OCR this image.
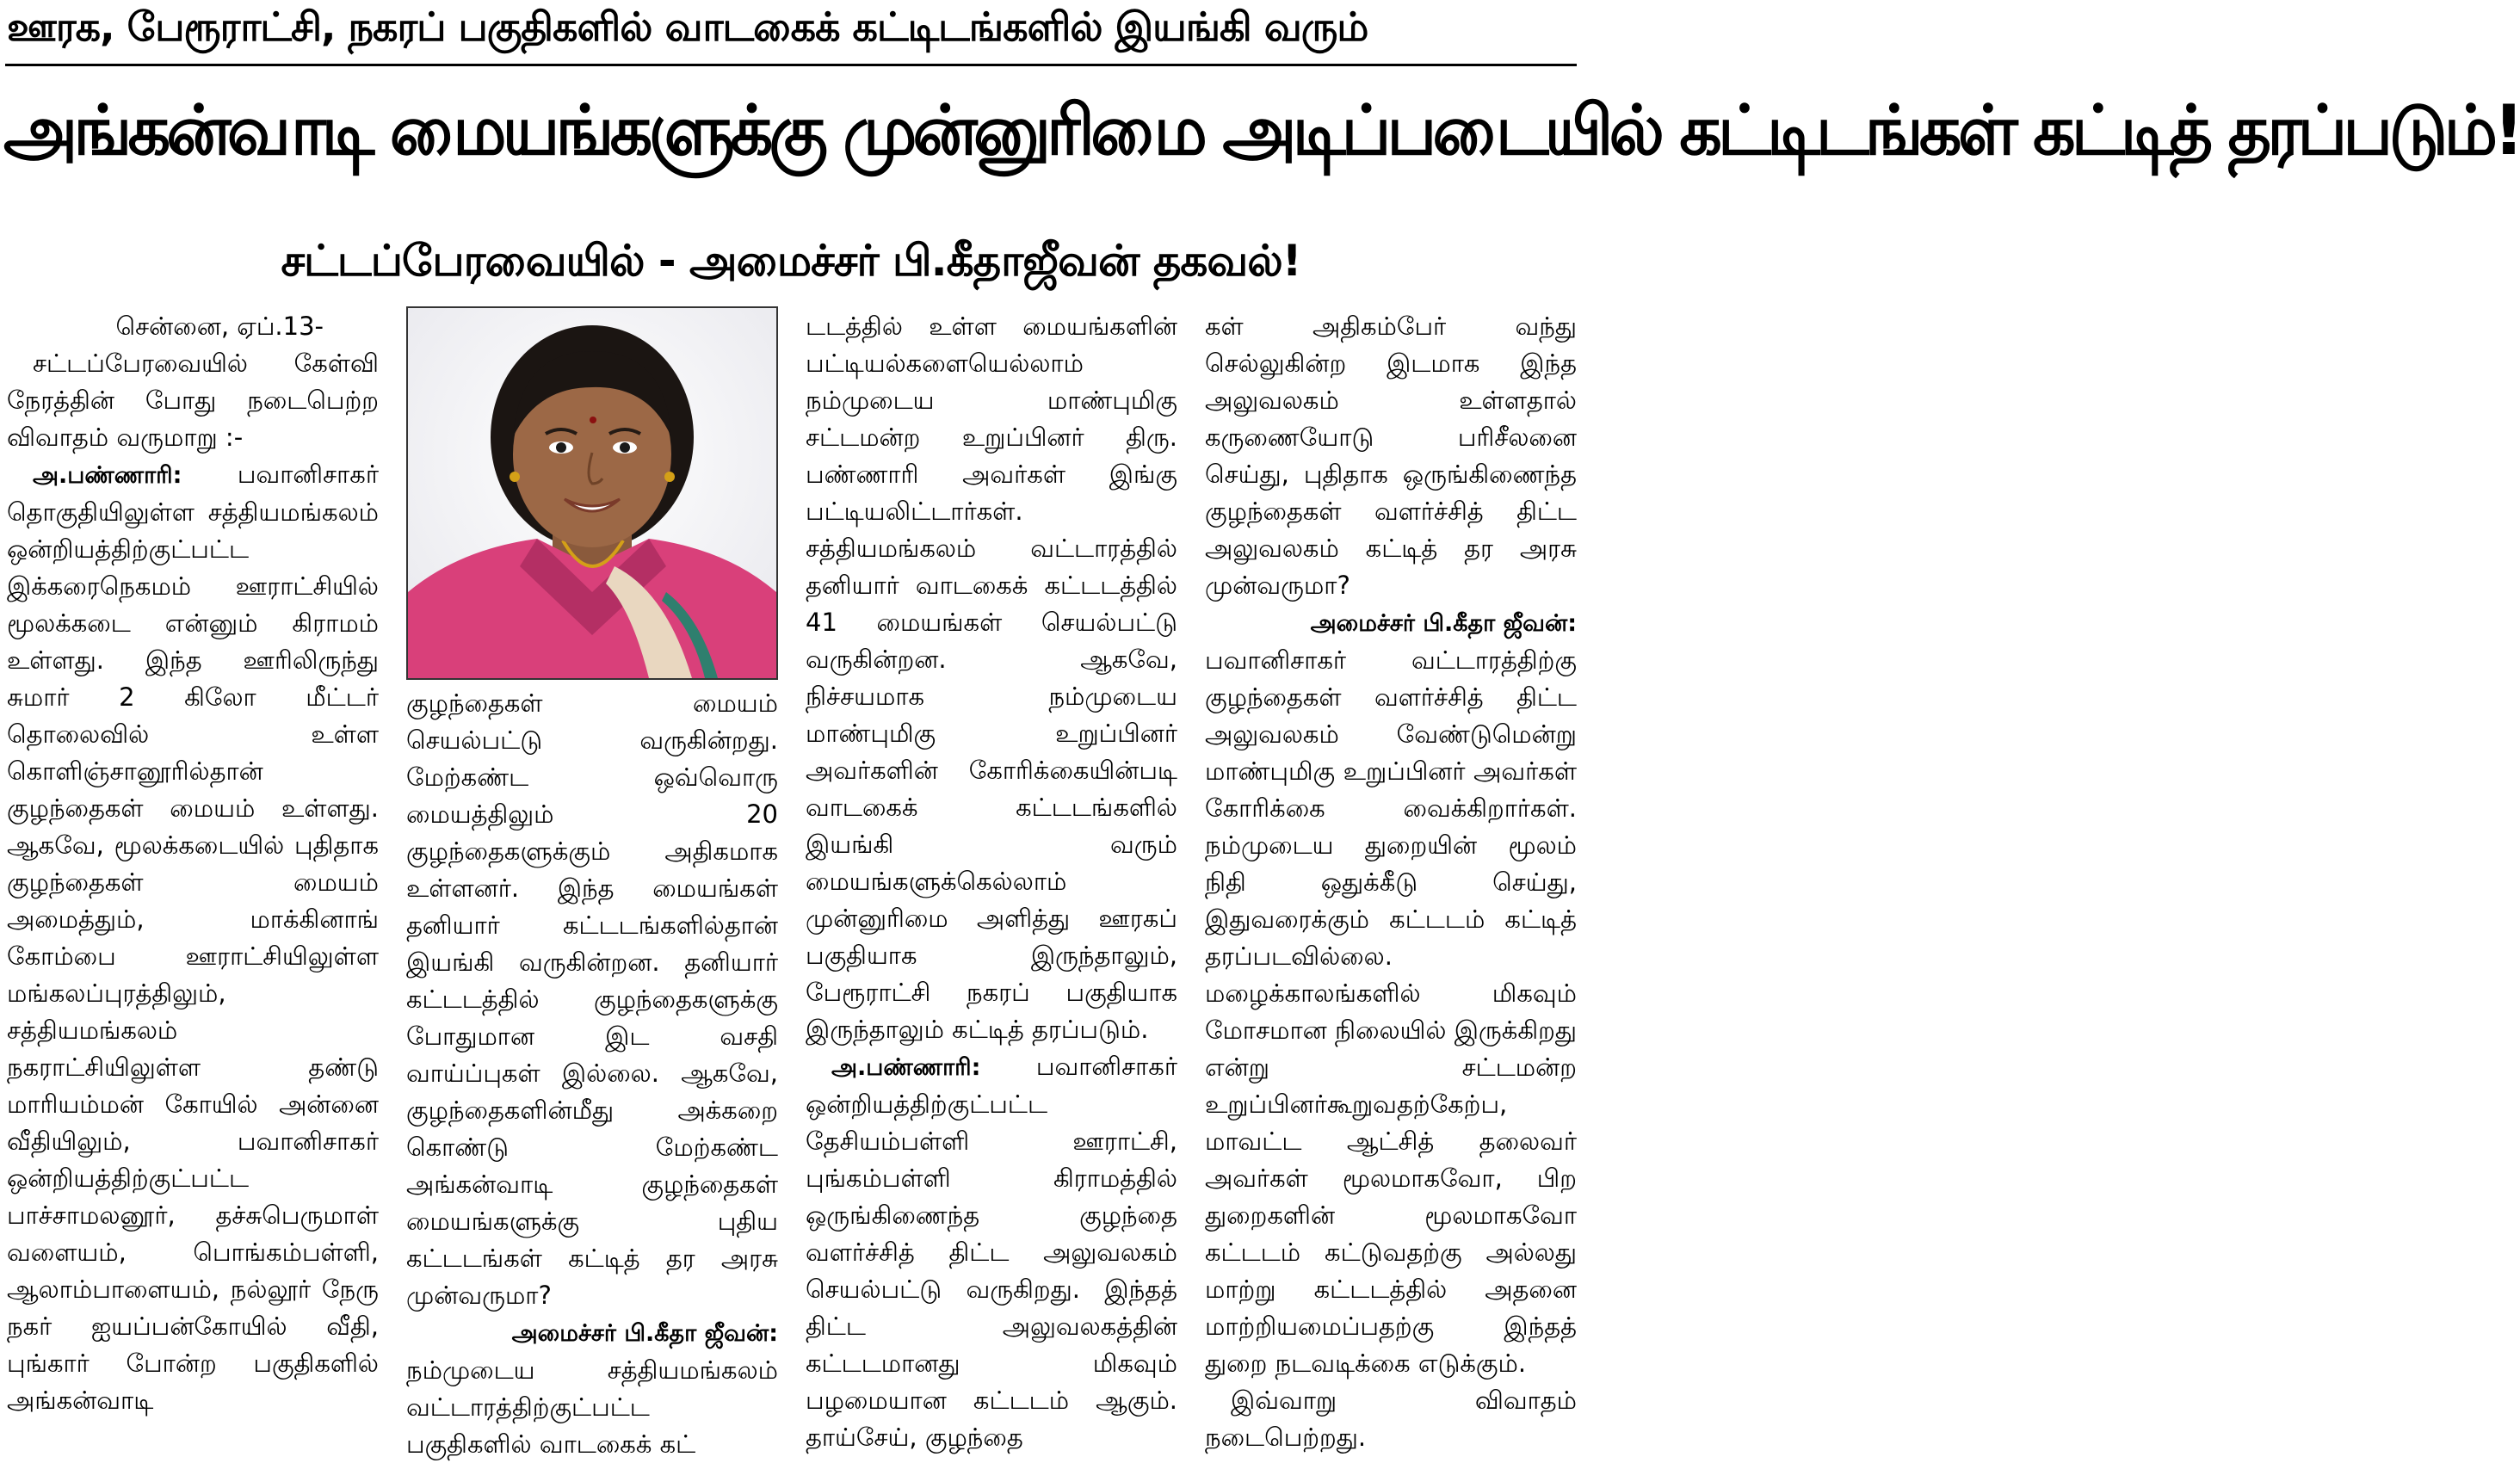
ஊரக, பேரூராட்சி, நகரப் பகுதிகளில் வாடகைக் கட்டிடங்களில் இயங்கி வரும்
அங்கன்வாடி மையங்களுக்கு முன்னுரிமை அடிப்படையில் கட்டிடங்கள் கட்டித் தரப்படும்!
சட்டப்பேரவையில் - அமைச்சர் பி.கீதாஜீவன் தகவல்!

சென்னை, ஏப்.13-

சட்டப்பேரவையில் கேள்வி நேரத்தின் போது நடைபெற்ற விவாதம் வருமாறு :-

அ.பண்ணாரி: பவானிசாகர் தொகுதியிலுள்ள சத்தியமங்கலம் ஒன்றியத்திற்குட்பட்ட இக்கரைநெகமம் ஊராட்சியில் மூலக்கடை என்னும் கிராமம் உள்ளது. இந்த ஊரிலிருந்து சுமார் 2 கிலோ மீட்டர் தொலைவில் உள்ள கொளிஞ்சானூரில்தான் குழந்தைகள் மையம் உள்ளது. ஆகவே, மூலக்கடையில் புதிதாக குழந்தைகள் மையம் அமைத்தும், மாக்கினாங் கோம்பை ஊராட்சியிலுள்ள மங்கலப்புரத்திலும், சத்தியமங்கலம் நகராட்சியிலுள்ள தண்டு மாரியம்மன் கோயில் அன்னை வீதியிலும், பவானிசாகர் ஒன்றியத்திற்குட்பட்ட பாச்சாமலனூர், தச்சுபெருமாள் வளையம், பொங்கம்பள்ளி, ஆலாம்பாளையம், நல்லூர் நேரு நகர் ஐயப்பன்கோயில் வீதி, புங்கார் போன்ற பகுதிகளில் அங்கன்வாடி

குழந்தைகள் மையம் செயல்பட்டு வருகின்றது. மேற்கண்ட ஒவ்வொரு மையத்திலும் 20 குழந்தைகளுக்கும் அதிகமாக உள்ளனர். இந்த மையங்கள் தனியார் கட்டடங்களில்தான் இயங்கி வருகின்றன. தனியார் கட்டடத்தில் குழந்தைகளுக்கு போதுமான இட வசதி வாய்ப்புகள் இல்லை. ஆகவே, குழந்தைகளின்மீது அக்கறை கொண்டு மேற்கண்ட அங்கன்வாடி குழந்தைகள் மையங்களுக்கு புதிய கட்டடங்கள் கட்டித் தர அரசு முன்வருமா?

அமைச்சர் பி.கீதா ஜீவன்:

நம்முடைய சத்தியமங்கலம் வட்டாரத்திற்குட்பட்ட பகுதிகளில் வாடகைக் கட்

டடத்தில் உள்ள மையங்களின் பட்டியல்களையெல்லாம் நம்முடைய மாண்புமிகு சட்டமன்ற உறுப்பினர் திரு. பண்ணாரி அவர்கள் இங்கு பட்டியலிட்டார்கள். சத்தியமங்கலம் வட்டாரத்தில் தனியார் வாடகைக் கட்டடத்தில் 41 மையங்கள் செயல்பட்டு வருகின்றன. ஆகவே, நிச்சயமாக நம்முடைய மாண்புமிகு உறுப்பினர் அவர்களின் கோரிக்கையின்படி வாடகைக் கட்டடங்களில் இயங்கி வரும் மையங்களுக்கெல்லாம் முன்னுரிமை அளித்து ஊரகப் பகுதியாக இருந்தாலும், பேரூராட்சி நகரப் பகுதியாக இருந்தாலும் கட்டித் தரப்படும்.

அ.பண்ணாரி: பவானிசாகர் ஒன்றியத்திற்குட்பட்ட தேசியம்பள்ளி ஊராட்சி, புங்கம்பள்ளி கிராமத்தில் ஒருங்கிணைந்த குழந்தை வளர்ச்சித் திட்ட அலுவலகம் செயல்பட்டு வருகிறது. இந்தத் திட்ட அலுவலகத்தின் கட்டடமானது மிகவும் பழமையான கட்டடம் ஆகும். தாய்சேய், குழந்தை

கள் அதிகம்பேர் வந்து செல்லுகின்ற இடமாக இந்த அலுவலகம் உள்ளதால் கருணையோடு பரிசீலனை செய்து, புதிதாக ஒருங்கிணைந்த குழந்தைகள் வளர்ச்சித் திட்ட அலுவலகம் கட்டித் தர அரசு முன்வருமா?

அமைச்சர் பி.கீதா ஜீவன்:

பவானிசாகர் வட்டாரத்திற்கு குழந்தைகள் வளர்ச்சித் திட்ட அலுவலகம் வேண்டுமென்று மாண்புமிகு உறுப்பினர் அவர்கள் கோரிக்கை வைக்கிறார்கள். நம்முடைய துறையின் மூலம் நிதி ஒதுக்கீடு செய்து, இதுவரைக்கும் கட்டடம் கட்டித் தரப்படவில்லை. மழைக்காலங்களில் மிகவும் மோசமான நிலையில் இருக்கிறது என்று சட்டமன்ற உறுப்பினர்கூறுவதற்கேற்ப, மாவட்ட ஆட்சித் தலைவர் அவர்கள் மூலமாகவோ, பிற துறைகளின் மூலமாகவோ கட்டடம் கட்டுவதற்கு அல்லது மாற்று கட்டடத்தில் அதனை மாற்றியமைப்பதற்கு இந்தத் துறை நடவடிக்கை எடுக்கும்.

இவ்வாறு விவாதம் நடைபெற்றது.
